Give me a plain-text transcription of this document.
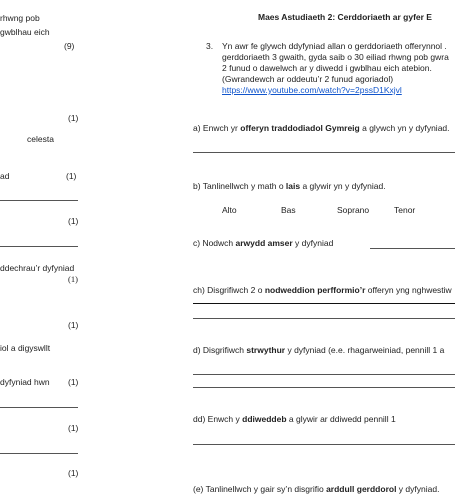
rhwng pob
gwblhau eich
(9)
(1)
celesta
ad	(1)
(1)
ddechrau’r dyfyniad
(1)
(1)
iol a digyswllt
dyfyniad hwn (1)
(1)
(1)
Maes Astudiaeth 2: Cerddoriaeth ar gyfer E
3. Yn awr fe glywch ddyfyniad allan o gerddoriaeth offerynnol .
gerddoriaeth 3 gwaith, gyda saib o 30 eiliad rhwng pob gwra
2 funud o dawelwch ar y diwedd i gwblhau eich atebion.
(Gwrandewch ar oddeutu’r 2 funud agoriadol)
https://www.youtube.com/watch?v=2pssD1Kxjvl
a) Enwch yr offeryn traddodiadol Gymreig a glywch yn y dyfyniad.
b) Tanlinellwch y math o lais a glywir yn y dyfyniad.
Alto	Bas	Soprano	Tenor
c) Nodwch arwydd amser y dyfyniad
ch) Disgrifiwch 2 o nodweddion perfformio’r offeryn yng nghwestiw
d) Disgrifiwch strwythur y dyfyniad (e.e. rhagarweiniad, pennill 1 a
dd) Enwch y ddiweddeb a glywir ar ddiwedd pennill 1
(e) Tanlinellwch y gair sy’n disgrifio arddull gerddorol y dyfyniad.
